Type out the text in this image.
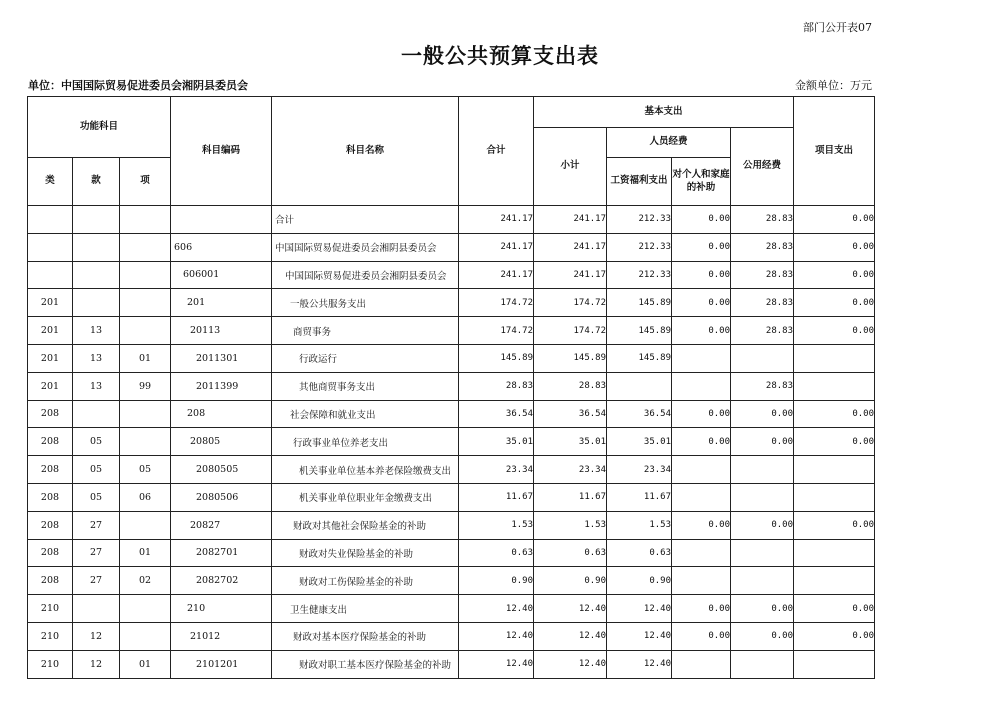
部门公开表07
一般公共预算支出表
单位：中国国际贸易促进委员会湘阴县委员会	金额单位：万元
功能科目			科目编码	科目名称	合计	基本支出				项目支出
						小计	人员经费		公用经费	
类	款	项					工资福利支出	对个人和家庭的补助		
				合计	241.17	241.17	212.33	0.00	28.83	0.00
			606	中国国际贸易促进委员会湘阴县委员会	241.17	241.17	212.33	0.00	28.83	0.00
			606001	中国国际贸易促进委员会湘阴县委员会	241.17	241.17	212.33	0.00	28.83	0.00
201			201	一般公共服务支出	174.72	174.72	145.89	0.00	28.83	0.00
201	13		20113	商贸事务	174.72	174.72	145.89	0.00	28.83	0.00
201	13	01	2011301	行政运行	145.89	145.89	145.89			
201	13	99	2011399	其他商贸事务支出	28.83	28.83			28.83	
208			208	社会保障和就业支出	36.54	36.54	36.54	0.00	0.00	0.00
208	05		20805	行政事业单位养老支出	35.01	35.01	35.01	0.00	0.00	0.00
208	05	05	2080505	机关事业单位基本养老保险缴费支出	23.34	23.34	23.34			
208	05	06	2080506	机关事业单位职业年金缴费支出	11.67	11.67	11.67			
208	27		20827	财政对其他社会保险基金的补助	1.53	1.53	1.53	0.00	0.00	0.00
208	27	01	2082701	财政对失业保险基金的补助	0.63	0.63	0.63			
208	27	02	2082702	财政对工伤保险基金的补助	0.90	0.90	0.90			
210			210	卫生健康支出	12.40	12.40	12.40	0.00	0.00	0.00
210	12		21012	财政对基本医疗保险基金的补助	12.40	12.40	12.40	0.00	0.00	0.00
210	12	01	2101201	财政对职工基本医疗保险基金的补助	12.40	12.40	12.40			
